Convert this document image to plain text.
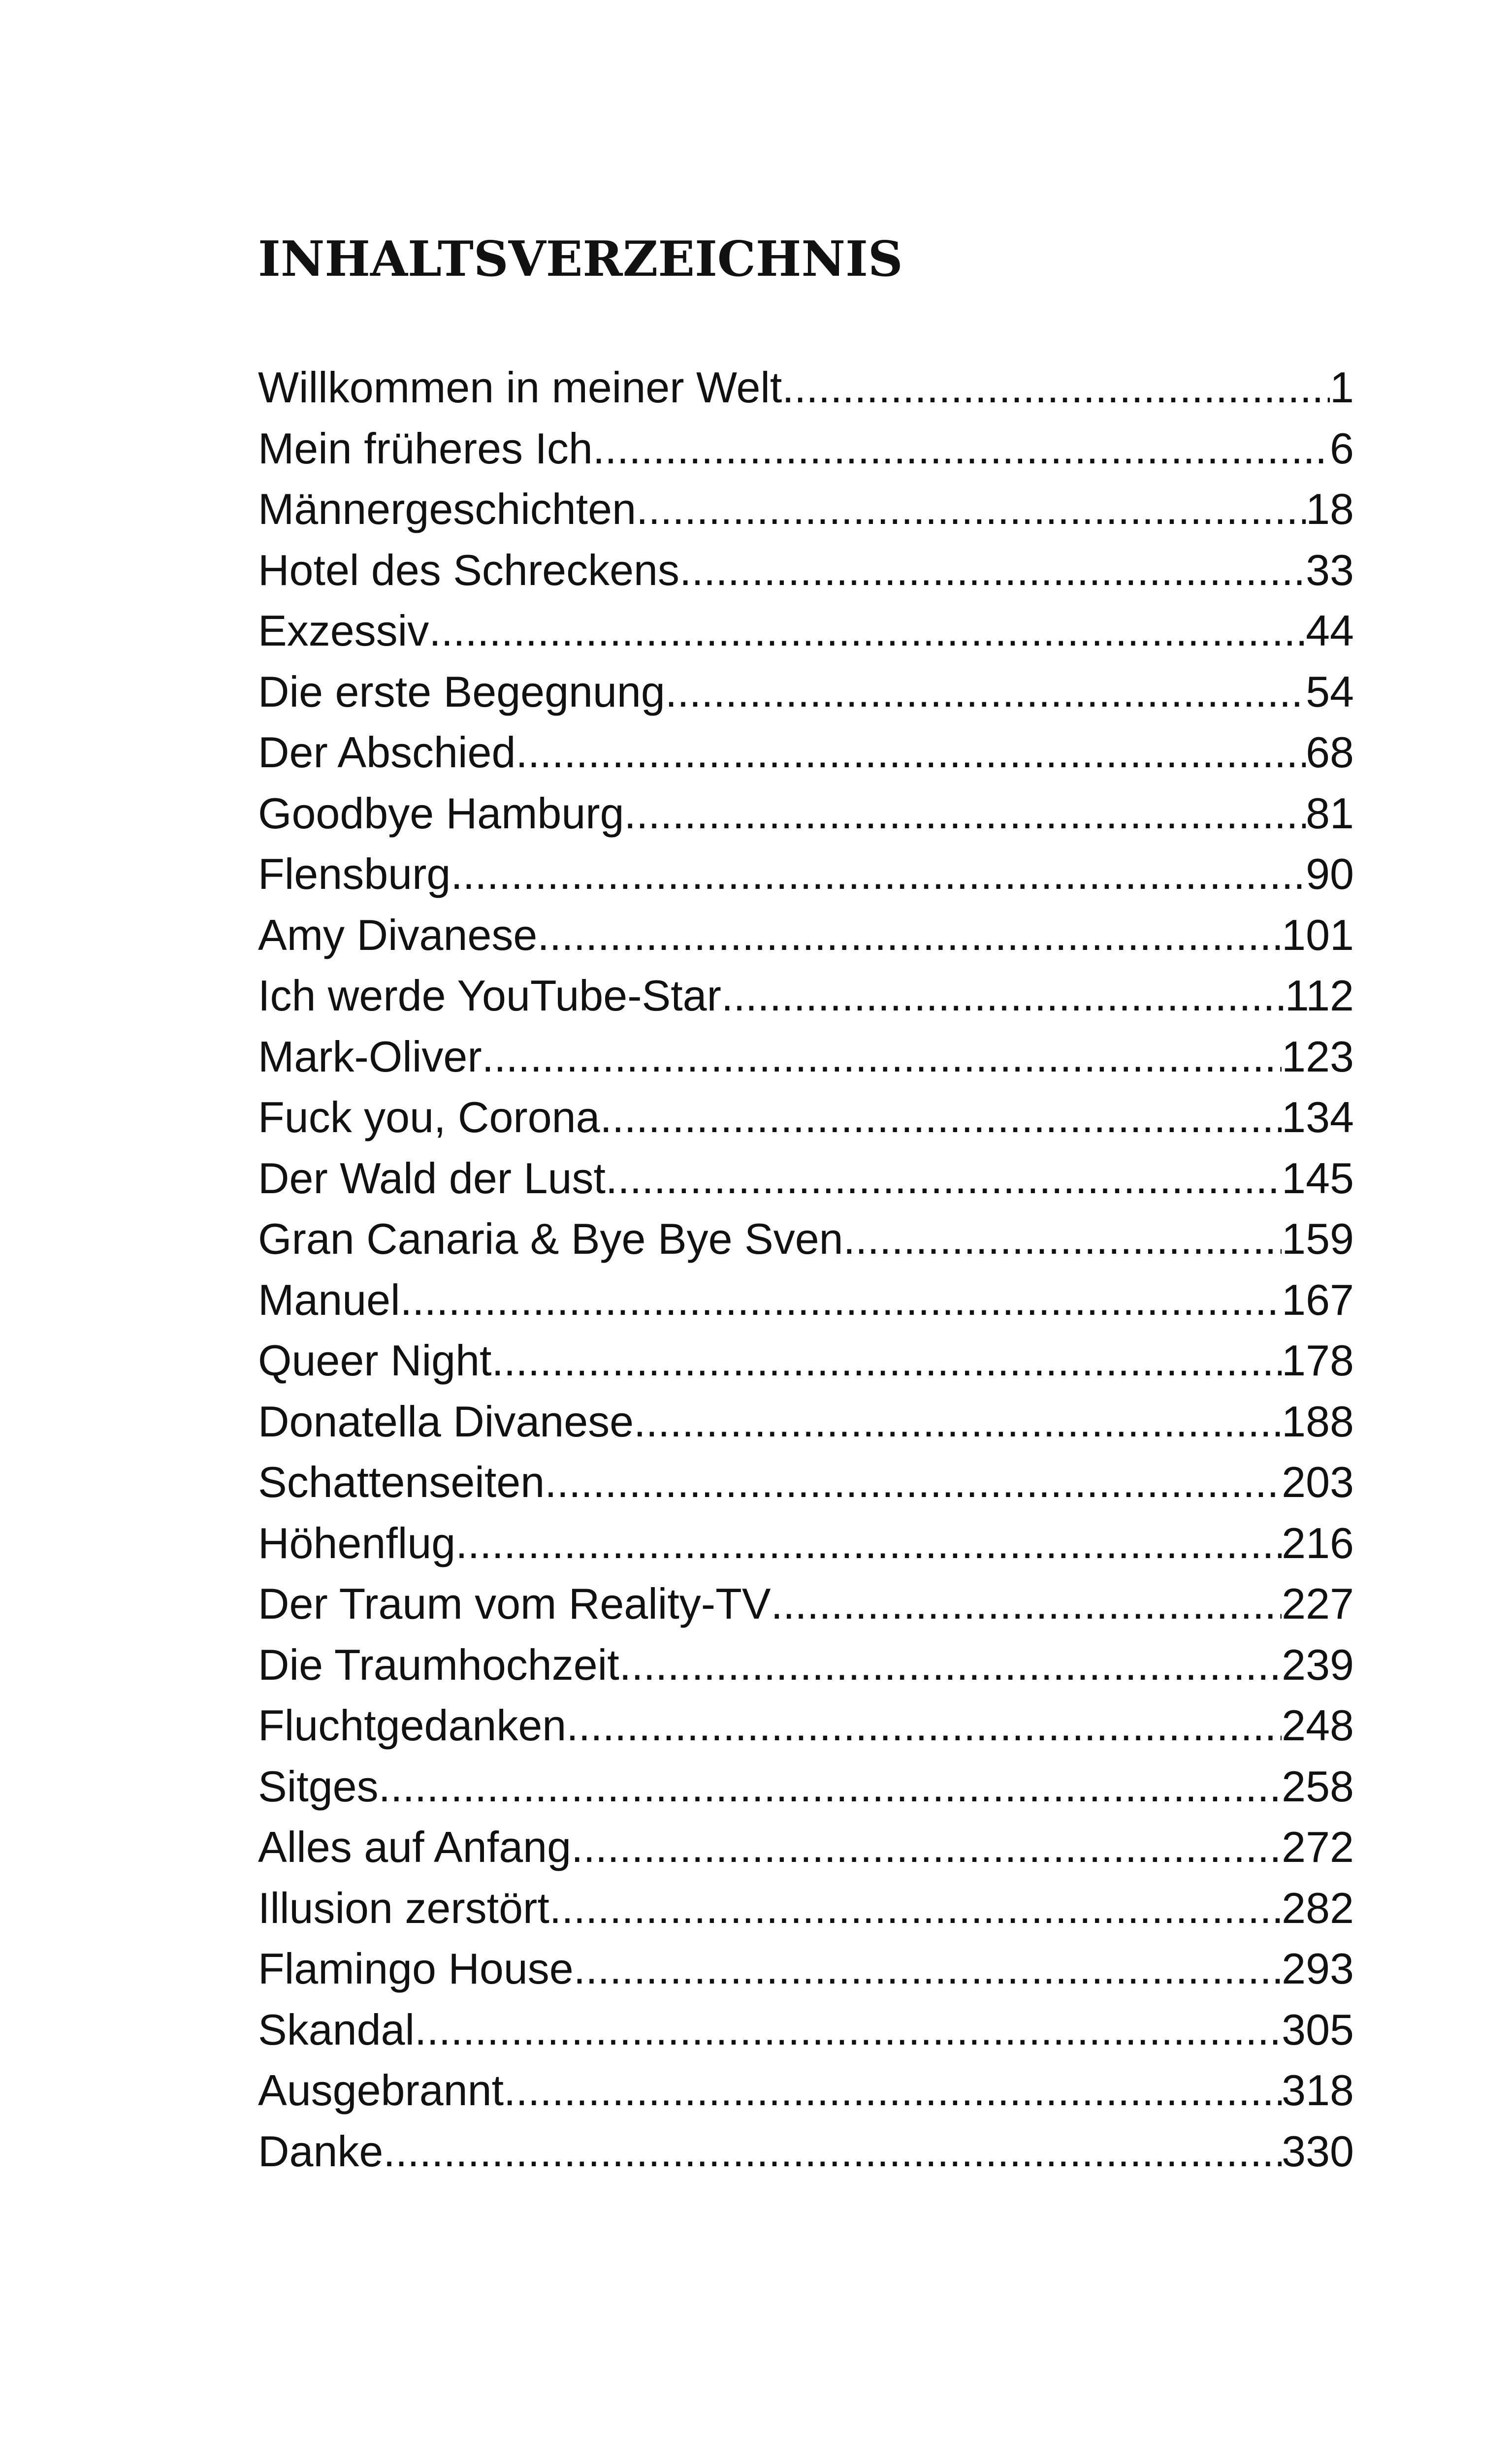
INHALTSVERZEICHNIS
Willkommen in meiner Welt .....	1
Mein früheres Ich .....	6
Männergeschichten .....	18
Hotel des Schreckens .....	33
Exzessiv .....	44
Die erste Begegnung .....	54
Der Abschied .....	68
Goodbye Hamburg .....	81
Flensburg .....	90
Amy Divanese .....	101
Ich werde YouTube-Star .....	112
Mark-Oliver .....	123
Fuck you, Corona .....	134
Der Wald der Lust .....	145
Gran Canaria & Bye Bye Sven .....	159
Manuel .....	167
Queer Night .....	178
Donatella Divanese .....	188
Schattenseiten .....	203
Höhenflug .....	216
Der Traum vom Reality-TV .....	227
Die Traumhochzeit .....	239
Fluchtgedanken .....	248
Sitges .....	258
Alles auf Anfang .....	272
Illusion zerstört .....	282
Flamingo House .....	293
Skandal .....	305
Ausgebrannt .....	318
Danke .....	330
